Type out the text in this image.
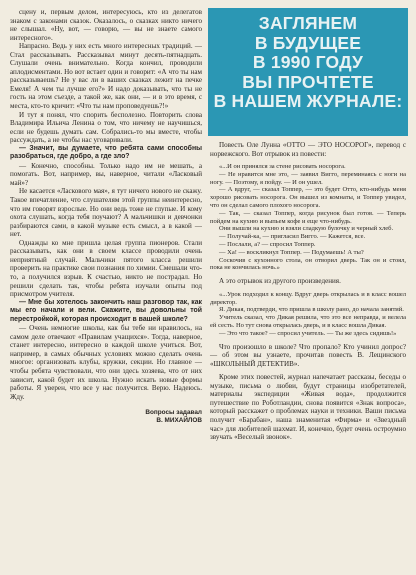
сцену и, первым делом, интересуюсь, кто из делегатов знаком с законами сказок. Оказалось, о сказках никто ничего не слышал. «Ну, вот, — говорю, — вы не знаете самого интересного».

Напрасно. Ведь у них есть много интересных традиций. — Стал рассказывать. Рассказывал минут десять-пятнадцать. Слушали очень внимательно. Когда кончил, проводили аплодисментами. Но вот встает один и говорит: «А что ты нам рассказываешь? Не у вас ли в ваших сказках лежит на печке Емеля! А чем ты лучше его?» И надо доказывать, что ты не гость на этом съезде, а такой же, как они, — и в это время, с места, кто-то кричит: «Что ты нам проповедуешь?!»

И тут я понял, что спорить бесполезно. Повторить слова Владимира Ильича Ленина о том, что ничему не научишься, если не будешь думать сам. Собрались-то мы вместе, чтобы рассуждать, а не чтобы нас уговаривали.

— Значит, вы думаете, что ребята сами способны разобраться, где добро, а где зло?

— Конечно, способны. Только надо им не мешать, а помогать. Вот, например, вы, наверное, читали «Ласковый май»?

Не касается «Ласкового мая», я тут ничего нового не скажу. Такое впечатление, что слушателям этой группы неинтересно, что им говорят взрослые. Но они ведь тоже не глупые. И кому охота слушать, когда тебя поучают? А мальчишки и девчонки разбираются сами, в какой музыке есть смысл, а в какой — нет.

Однажды ко мне пришла целая группа пионеров. Стали рассказывать, как они в своем классе проводили очень неприятный случай. Мальчики пятого класса решили проверить на практике свои познания по химии. Смешали что-то, а получился взрыв. К счастью, никто не пострадал. Но решили сделать так, чтобы ребята изучали опыты под присмотром учителя.

— Мне бы хотелось закончить наш разговор так, как мы его начали и вели. Скажите, вы довольны той перестройкой, которая происходит в вашей школе?

— Очень немногие школы, как бы тебе ни нравилось, на самом деле отвечают «Правилам учащихся». Тогда, наверное, станет интересно, интересно в каждой школе учиться. Вот, например, в самых обычных условиях можно сделать очень многое: организовать клубы, кружки, секции. Но главное — чтобы ребята чувствовали, что они здесь хозяева, что от них зависит, какой будет их школа. Нужно искать новые формы работы. Я уверен, что все у нас получится. Верю. Надеюсь. Жду.

Вопросы задавал
В. МИХАЙЛОВ
ЗАГЛЯНЕМ
В БУДУЩЕЕ
В 1990 ГОДУ
ВЫ ПРОЧТЕТЕ
В НАШЕМ ЖУРНАЛЕ:

Повесть Оле Лунна «ОТТО — ЭТО НОСОРОГ», перевод с норвежского. Вот отрывок из повести:

«...И он принялся за стене рисовать носорога.

— Не нравится мне это, — заявил Вигго, переминаясь с ноги на ногу. — Поэтому, я пойду. — И он ушел.

— А вдруг, — сказал Топпер, — это будет Отто, кто-нибудь меня хорошо рисовать носорога. Он вышел из комнаты, и Топпер увидел, что он сделал самого плохого носорога.

— Так, — сказал Топпер, когда рисунок был готов. — Теперь пойдем на кухню и выпьем кофе и еще что-нибудь.

Они вышли на кухню и взяли сладкую булочку и черный хлеб.

— Получай-ка, — пригласил Вигго. — Кажется, все.

— Послали, а? — спросил Топпер.

— Ха! — воскликнул Топпер. — Подумаешь! А ты?

Соскочив с кухонного стола, он отворил дверь. Так он и стоял, пока не кончилась ночь.»

А это отрывок из другого произведения.

«...Урок подходил к концу. Вдруг дверь открылась и в класс вошел директор.

Я. Дикая, подтверди, что пришла в школу рано, до начала занятий.

Учитель сказал, что Дикая решила, что это все неправда, и велела ей сесть. Но тут снова открылась дверь, и в класс вошла Дикая.

— Это что такое? — спросил учитель. — Ты же здесь сидишь!»

Что произошло в школе? Что пропало? Кто учинил допрос? — об этом вы узнаете, прочитав повесть В. Лещинского «ШКОЛЬНЫЙ ДЕТЕКТИВ».

Кроме этих повестей, журнал напечатает рассказы, беседы о музыке, письма о любви, будут страницы изобретателей, материалы экспедиции «Живая вода», продолжится путешествие по Роботландии, снова появится «Знак вопроса», который расскажет о проблемах науки и техники. Ваши письма получит «Барабан», наша знаменитая «Фирма» и «Звездный час» для любителей шахмат. И, конечно, будет очень остроумно звучать «Веселый звонок».
